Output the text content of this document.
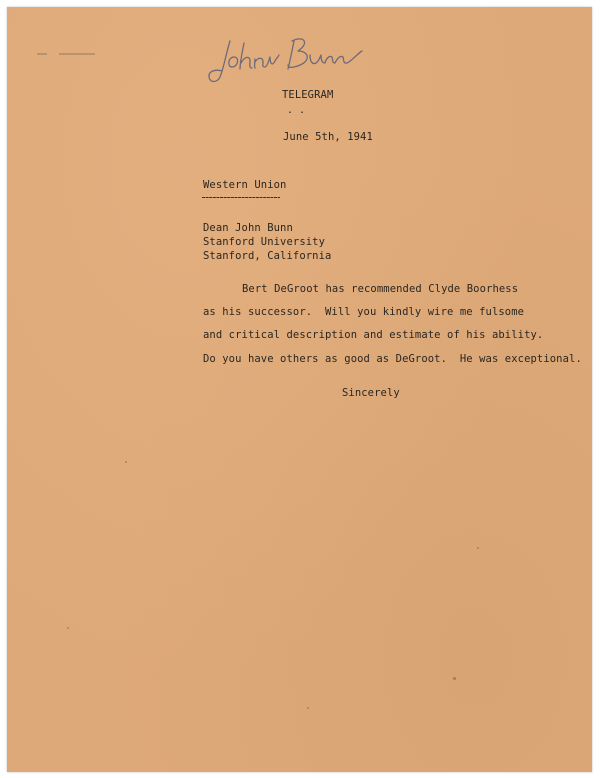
TELEGRAM
. .
June 5th, 1941
Western Union
Dean John Bunn
Stanford University
Stanford, California
Bert DeGroot has recommended Clyde Boorhess
as his successor.  Will you kindly wire me fulsome
and critical description and estimate of his ability.
Do you have others as good as DeGroot.  He was exceptional.
Sincerely
